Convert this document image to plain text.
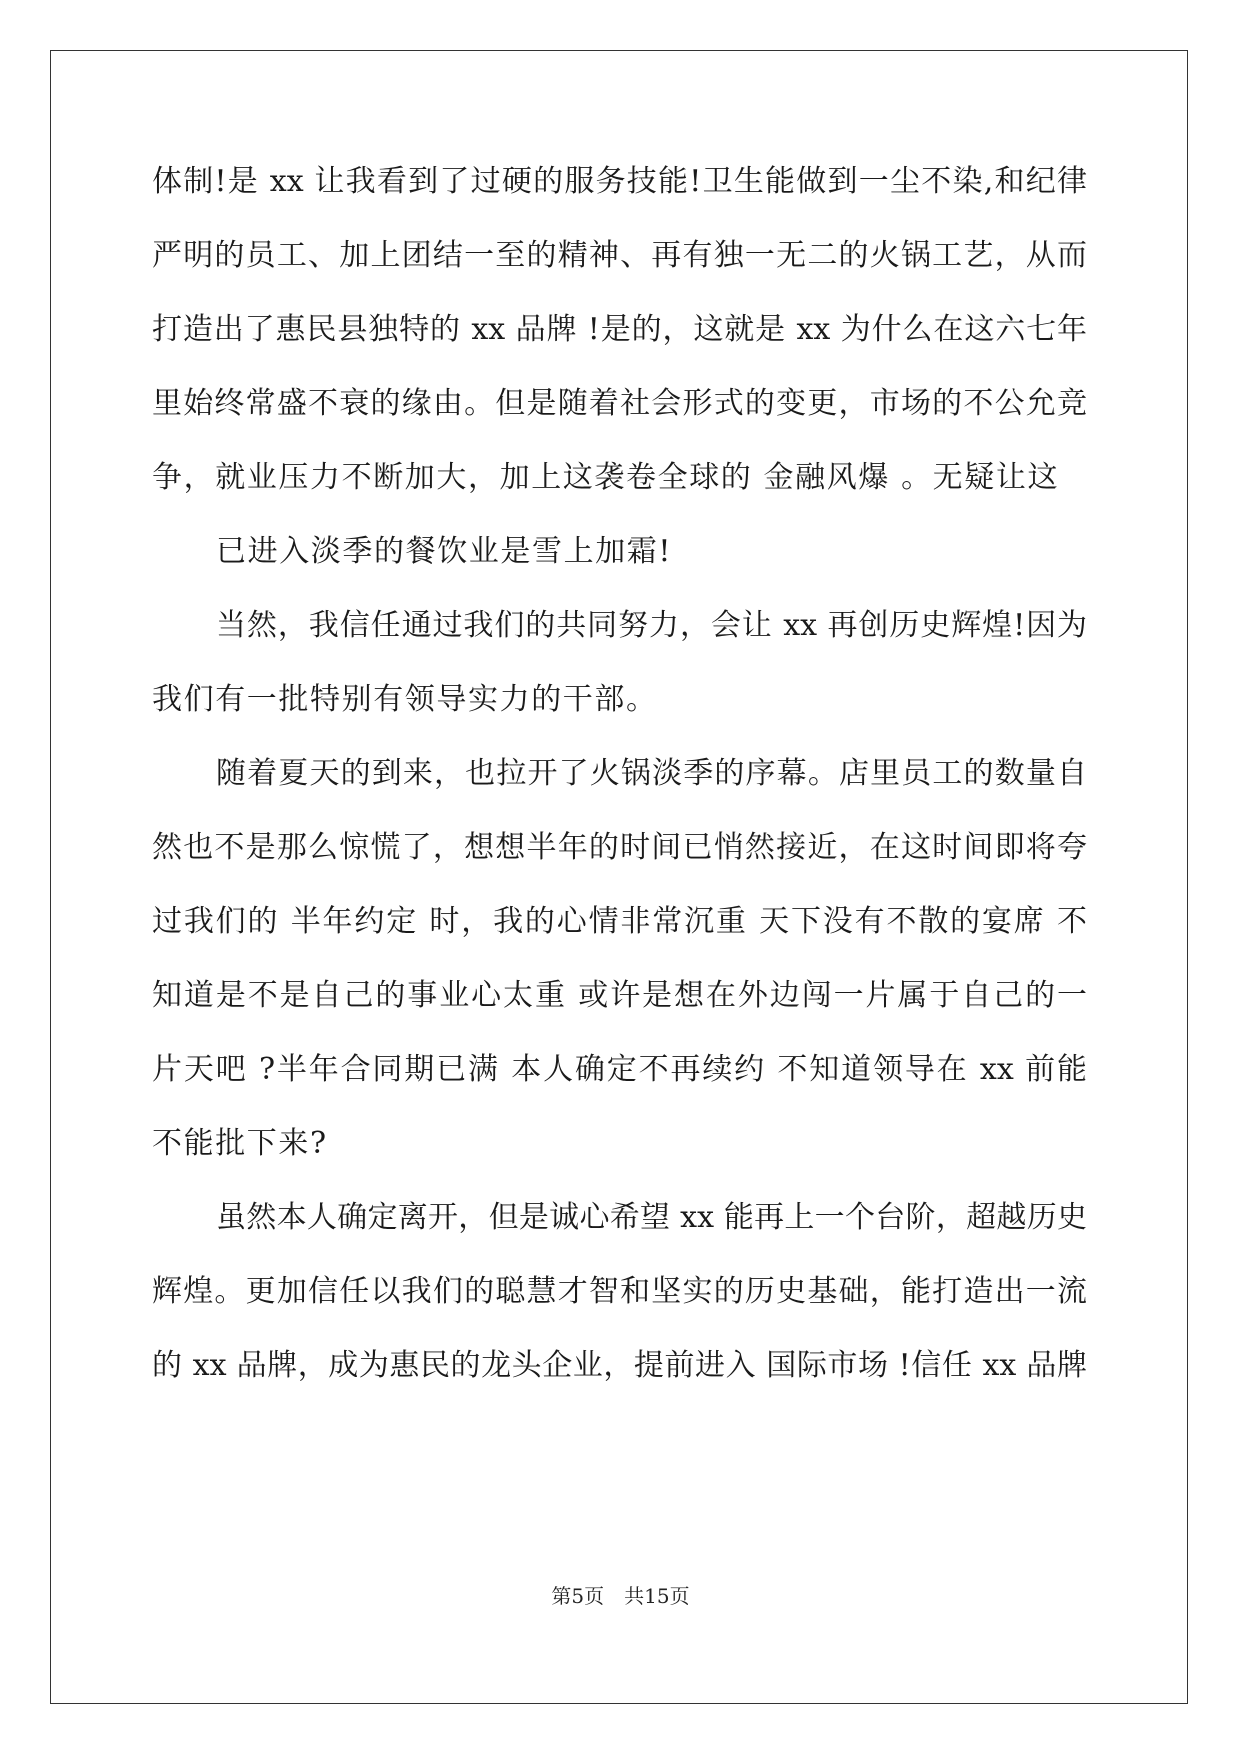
体制!是 xx 让我看到了过硬的服务技能!卫生能做到一尘不染,和纪律
严明的员工、加上团结一至的精神、再有独一无二的火锅工艺，从而
打造出了惠民县独特的 xx 品牌 !是的，这就是 xx 为什么在这六七年
里始终常盛不衰的缘由。但是随着社会形式的变更，市场的不公允竞
争，就业压力不断加大，加上这袭卷全球的 金融风爆 。无疑让这
已进入淡季的餐饮业是雪上加霜!
当然，我信任通过我们的共同努力，会让 xx 再创历史辉煌!因为
我们有一批特别有领导实力的干部。
随着夏天的到来，也拉开了火锅淡季的序幕。店里员工的数量自
然也不是那么惊慌了，想想半年的时间已悄然接近，在这时间即将夸
过我们的 半年约定 时，我的心情非常沉重 天下没有不散的宴席 不
知道是不是自己的事业心太重 或许是想在外边闯一片属于自己的一
片天吧 ?半年合同期已满 本人确定不再续约 不知道领导在 xx 前能
不能批下来?
虽然本人确定离开，但是诚心希望 xx 能再上一个台阶，超越历史
辉煌。更加信任以我们的聪慧才智和坚实的历史基础，能打造出一流
的 xx 品牌，成为惠民的龙头企业，提前进入 国际市场 !信任 xx 品牌
第5页 共15页
